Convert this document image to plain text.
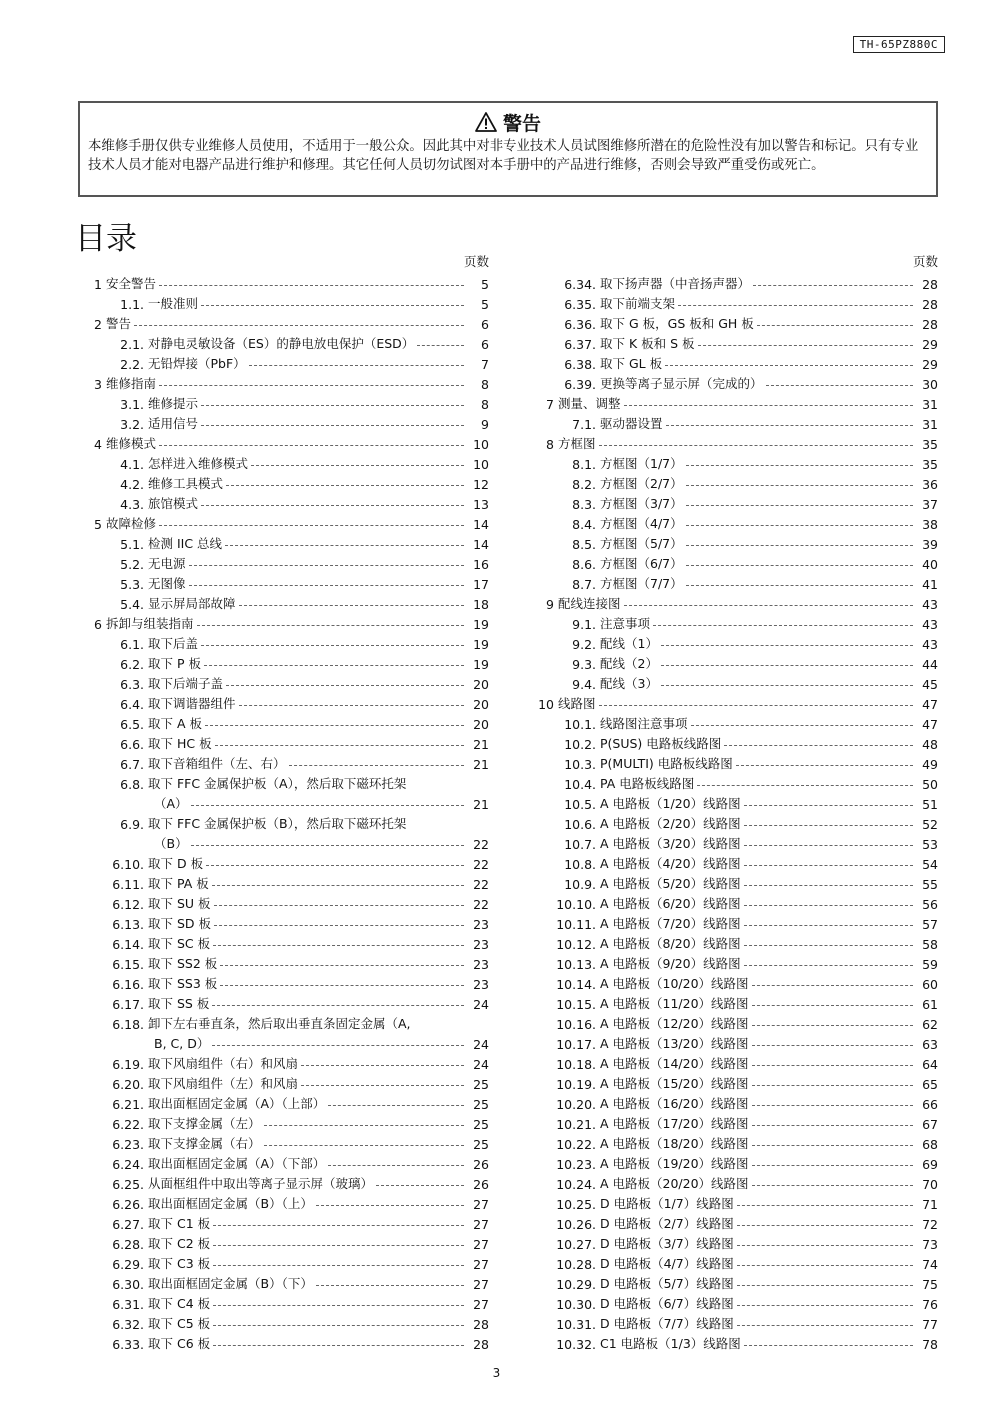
TH-65PZ880C
警告
本维修手册仅供专业维修人员使用，不适用于一般公众。因此其中对非专业技术人员试图维修所潜在的危险性没有加以警告和标记。只有专业技术人员才能对电器产品进行维护和修理。其它任何人员切勿试图对本手册中的产品进行维修，否则会导致严重受伤或死亡。
目录
页数
1 安全警告	5
1.1. 一般准则	5
2 警告	6
2.1. 对静电灵敏设备（ES）的静电放电保护（ESD）	6
2.2. 无铅焊接（PbF）	7
3 维修指南	8
3.1. 维修提示	8
3.2. 适用信号	9
4 维修模式	10
4.1. 怎样进入维修模式	10
4.2. 维修工具模式	12
4.3. 旅馆模式	13
5 故障检修	14
5.1. 检测 IIC 总线	14
5.2. 无电源	16
5.3. 无图像	17
5.4. 显示屏局部故障	18
6 拆卸与组装指南	19
6.1. 取下后盖	19
6.2. 取下 P 板	19
6.3. 取下后端子盖	20
6.4. 取下调谐器组件	20
6.5. 取下 A 板	20
6.6. 取下 HC 板	21
6.7. 取下音箱组件（左、右）	21
6.8. 取下 FFC 金属保护板（A），然后取下磁环托架
（A）	21
6.9. 取下 FFC 金属保护板（B），然后取下磁环托架
（B）	22
6.10. 取下 D 板	22
6.11. 取下 PA 板	22
6.12. 取下 SU 板	22
6.13. 取下 SD 板	23
6.14. 取下 SC 板	23
6.15. 取下 SS2 板	23
6.16. 取下 SS3 板	23
6.17. 取下 SS 板	24
6.18. 卸下左右垂直条，然后取出垂直条固定金属（A,
B, C, D）	24
6.19. 取下风扇组件（右）和风扇	24
6.20. 取下风扇组件（左）和风扇	25
6.21. 取出面框固定金属（A）（上部）	25
6.22. 取下支撑金属（左）	25
6.23. 取下支撑金属（右）	25
6.24. 取出面框固定金属（A）（下部）	26
6.25. 从面框组件中取出等离子显示屏（玻璃）	26
6.26. 取出面框固定金属（B）（上）	27
6.27. 取下 C1 板	27
6.28. 取下 C2 板	27
6.29. 取下 C3 板	27
6.30. 取出面框固定金属（B）（下）	27
6.31. 取下 C4 板	27
6.32. 取下 C5 板	28
6.33. 取下 C6 板	28
页数
6.34. 取下扬声器（中音扬声器）	28
6.35. 取下前端支架	28
6.36. 取下 G 板，GS 板和 GH 板	28
6.37. 取下 K 板和 S 板	29
6.38. 取下 GL 板	29
6.39. 更换等离子显示屏（完成的）	30
7 测量、调整	31
7.1. 驱动器设置	31
8 方框图	35
8.1. 方框图（1/7）	35
8.2. 方框图（2/7）	36
8.3. 方框图（3/7）	37
8.4. 方框图（4/7）	38
8.5. 方框图（5/7）	39
8.6. 方框图（6/7）	40
8.7. 方框图（7/7）	41
9 配线连接图	43
9.1. 注意事项	43
9.2. 配线（1）	43
9.3. 配线（2）	44
9.4. 配线（3）	45
10 线路图	47
10.1. 线路图注意事项	47
10.2. P(SUS) 电路板线路图	48
10.3. P(MULTI) 电路板线路图	49
10.4. PA 电路板线路图	50
10.5. A 电路板（1/20）线路图	51
10.6. A 电路板（2/20）线路图	52
10.7. A 电路板（3/20）线路图	53
10.8. A 电路板（4/20）线路图	54
10.9. A 电路板（5/20）线路图	55
10.10. A 电路板（6/20）线路图	56
10.11. A 电路板（7/20）线路图	57
10.12. A 电路板（8/20）线路图	58
10.13. A 电路板（9/20）线路图	59
10.14. A 电路板（10/20）线路图	60
10.15. A 电路板（11/20）线路图	61
10.16. A 电路板（12/20）线路图	62
10.17. A 电路板（13/20）线路图	63
10.18. A 电路板（14/20）线路图	64
10.19. A 电路板（15/20）线路图	65
10.20. A 电路板（16/20）线路图	66
10.21. A 电路板（17/20）线路图	67
10.22. A 电路板（18/20）线路图	68
10.23. A 电路板（19/20）线路图	69
10.24. A 电路板（20/20）线路图	70
10.25. D 电路板（1/7）线路图	71
10.26. D 电路板（2/7）线路图	72
10.27. D 电路板（3/7）线路图	73
10.28. D 电路板（4/7）线路图	74
10.29. D 电路板（5/7）线路图	75
10.30. D 电路板（6/7）线路图	76
10.31. D 电路板（7/7）线路图	77
10.32. C1 电路板（1/3）线路图	78
3
